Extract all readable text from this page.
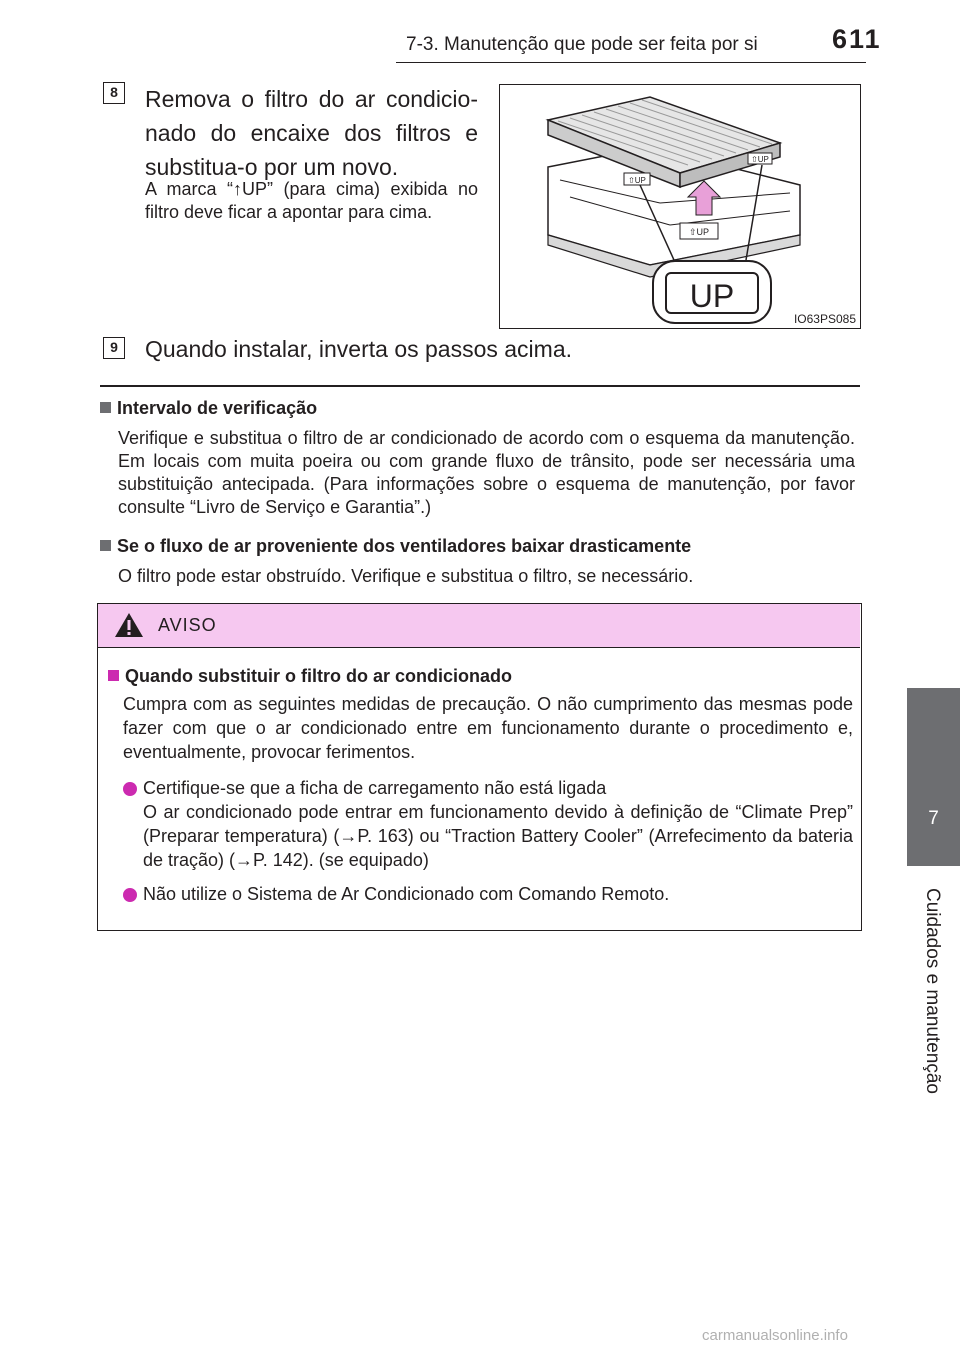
7-3. Manutenção que pode ser feita por si	611
7
Cuidados e manutenção
8	Remova o filtro do ar condicio-nado do encaixe dos filtros e substitua-o por um novo.
A marca “↑UP” (para cima) exibida no filtro deve ficar a apontar para cima.
⇧UP
⇧UP
⇧UP
UP
IO63PS085
9	Quando instalar, inverta os passos acima.
Intervalo de verificação
Verifique e substitua o filtro de ar condicionado de acordo com o esquema da manutenção. Em locais com muita poeira ou com grande fluxo de trânsito, pode ser necessária uma substituição antecipada. (Para informações sobre o esquema de manutenção, por favor consulte “Livro de Serviço e Garantia”.)
Se o fluxo de ar proveniente dos ventiladores baixar drasticamente
O filtro pode estar obstruído. Verifique e substitua o filtro, se necessário.
AVISO
Quando substituir o filtro do ar condicionado
Cumpra com as seguintes medidas de precaução. O não cumprimento das mesmas pode fazer com que o ar condicionado entre em funcionamento durante o procedimento e, eventualmente, provocar ferimentos.
Certifique-se que a ficha de carregamento não está ligada
O ar condicionado pode entrar em funcionamento devido à definição de “Climate Prep” (Preparar temperatura) (→P. 163) ou “Traction Battery Cooler” (Arrefecimento da bateria de tração) (→P. 142). (se equipado)
Não utilize o Sistema de Ar Condicionado com Comando Remoto.
carmanualsonline.info
